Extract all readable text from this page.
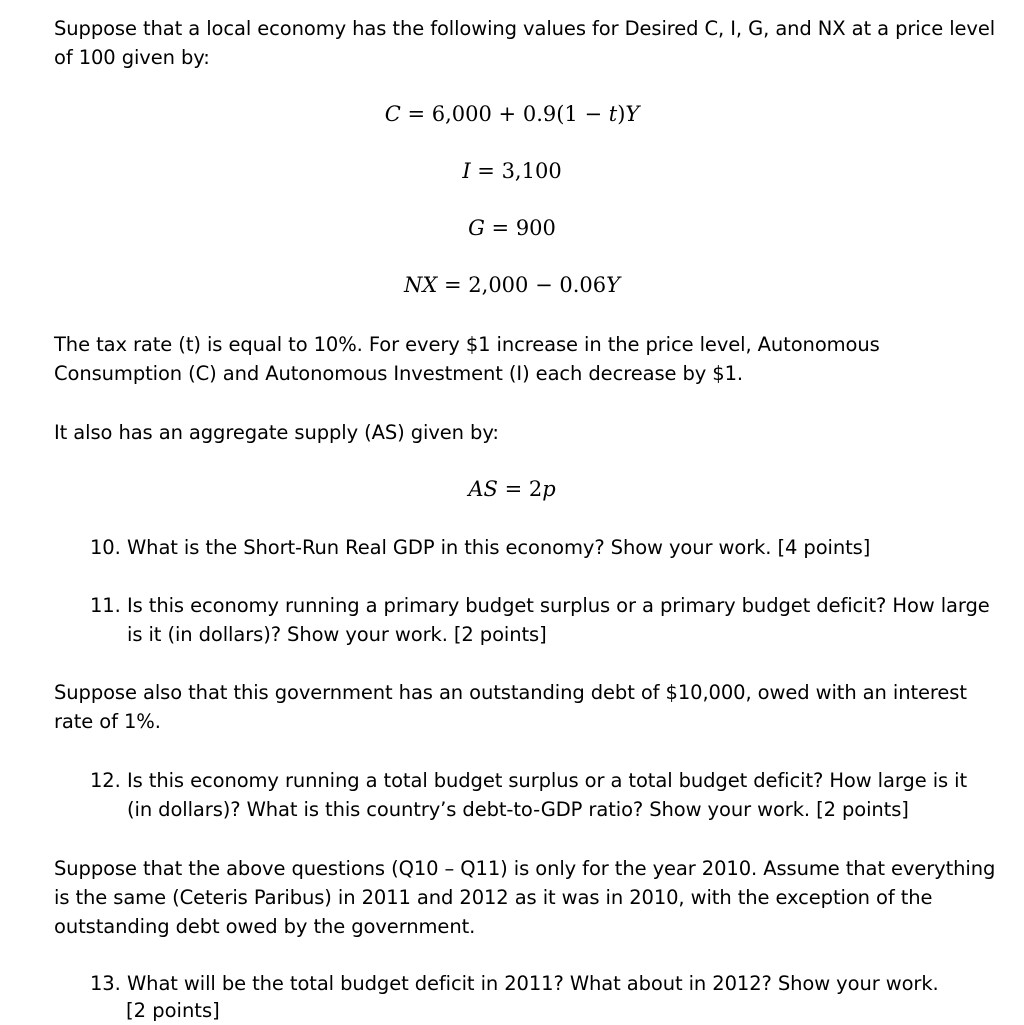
Suppose that a local economy has the following values for Desired C, I, G, and NX at a price level of 100 given by:

C = 6,000 + 0.9(1 − t)Y

I = 3,100

G = 900

NX = 2,000 − 0.06Y

The tax rate (t) is equal to 10%. For every $1 increase in the price level, Autonomous Consumption (C) and Autonomous Investment (I) each decrease by $1.

It also has an aggregate supply (AS) given by:

AS = 2p

10. What is the Short-Run Real GDP in this economy? Show your work. [4 points]
11. Is this economy running a primary budget surplus or a primary budget deficit? How large is it (in dollars)? Show your work. [2 points]

Suppose also that this government has an outstanding debt of $10,000, owed with an interest rate of 1%.

12. Is this economy running a total budget surplus or a total budget deficit? How large is it (in dollars)? What is this country’s debt-to-GDP ratio? Show your work. [2 points]

Suppose that the above questions (Q10 – Q11) is only for the year 2010. Assume that everything is the same (Ceteris Paribus) in 2011 and 2012 as it was in 2010, with the exception of the outstanding debt owed by the government.

13. What will be the total budget deficit in 2011? What about in 2012? Show your work.
[2 points]
